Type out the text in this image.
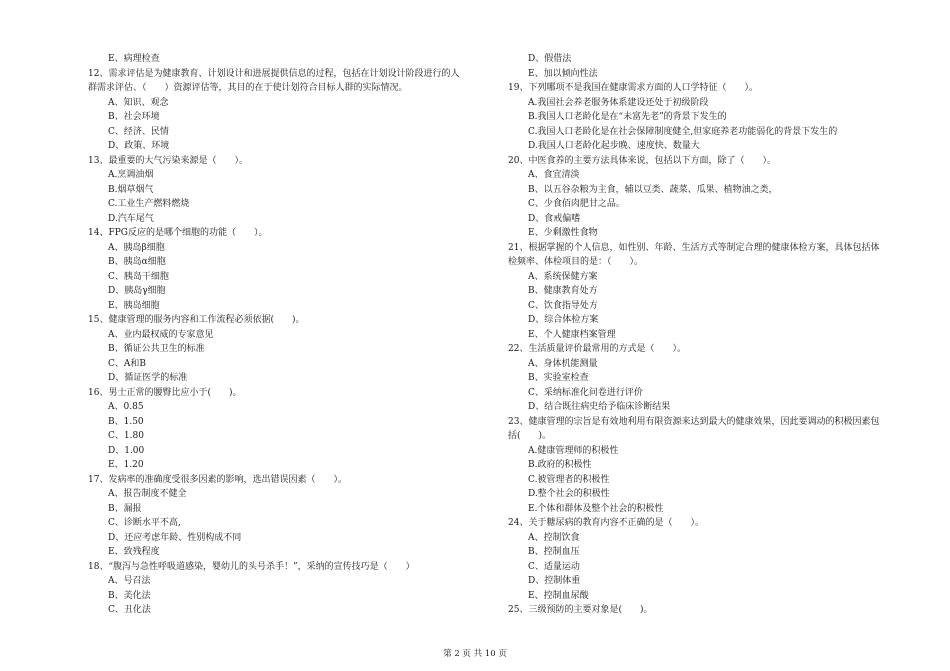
E、病理检查
12、需求评估是为健康教育、计划设计和进展提供信息的过程，包括在计划设计阶段进行的人
群需求评估、（　　）资源评估等，其目的在于使计划符合目标人群的实际情况。
A、知识、观念
B、社会环境
C、经济、民情
D、政策、环境
13、最重要的大气污染来源是（　　）。
A.烹调油烟
B.烟草烟气
C.工业生产燃料燃烧
D.汽车尾气
14、FPG反应的是哪个细胞的功能（　　）。
A、胰岛β细胞
B、胰岛α细胞
C、胰岛干细胞
D、胰岛γ细胞
E、胰岛细胞
15、健康管理的服务内容和工作流程必须依据(　　)。
A、业内最权威的专家意见
B、循证公共卫生的标准
C、A和B
D、循证医学的标准
16、男士正常的腰臀比应小于(　　)。
A、0.85
B、1.50
C、1.80
D、1.00
E、1.20
17、发病率的准确度受很多因素的影响，选出错误因素（　　）。
A、报告制度不健全
B、漏报
C、诊断水平不高,
D、还应考虑年龄、性别构成不同
E、致残程度
18、“腹泻与急性呼吸道感染，婴幼儿的头号杀手！”，采纳的宣传技巧是（　　）
A、号召法
B、美化法
C、丑化法
D、假借法
E、加以倾向性法
19、下列哪项不是我国在健康需求方面的人口学特征（　　）。
A.我国社会养老服务体系建设还处于初级阶段
B.我国人口老龄化是在“未富先老”的背景下发生的
C.我国人口老龄化是在社会保障制度健全,但家庭养老功能弱化的背景下发生的
D.我国人口老龄化起步晚、速度快、数量大
20、中医食养的主要方法具体来说，包括以下方面，除了（　　）。
A、食宜清淡
B、以五谷杂粮为主食，辅以豆类、蔬菜、瓜果、植物油之类，
C、少食佰肉肥甘之品。
D、食戒偏嗜
E、少剩激性食物
21、根据掌握的个人信息，如性别、年龄、生活方式等制定合理的健康体检方案，具体包括体
检频率、体检项目的是：（　　）。
A、系统保健方案
B、健康教育处方
C、饮食指导处方
D、综合体检方案
E、个人健康档案管理
22、生活质量评价最常用的方式是（　　）。
A、身体机能测量
B、实验室检查
C、采纳标准化问卷进行评价
D、结合既往病史给予临床诊断结果
23、健康管理的宗旨是有效地利用有限资源来达到最大的健康效果，因此要调动的积极因素包
括(　　)。
A.健康管理师的积极性
B.政府的积极性
C.被管理者的积极性
D.整个社会的积极性
E.个体和群体及整个社会的积极性
24、关于糖尿病的教育内容不正确的是（　　）。
A、控制饮食
B、控制血压
C、适量运动
D、控制体重
E、控制血尿酸
25、三级预防的主要对象是(　　)。
第 2 页 共 10 页
